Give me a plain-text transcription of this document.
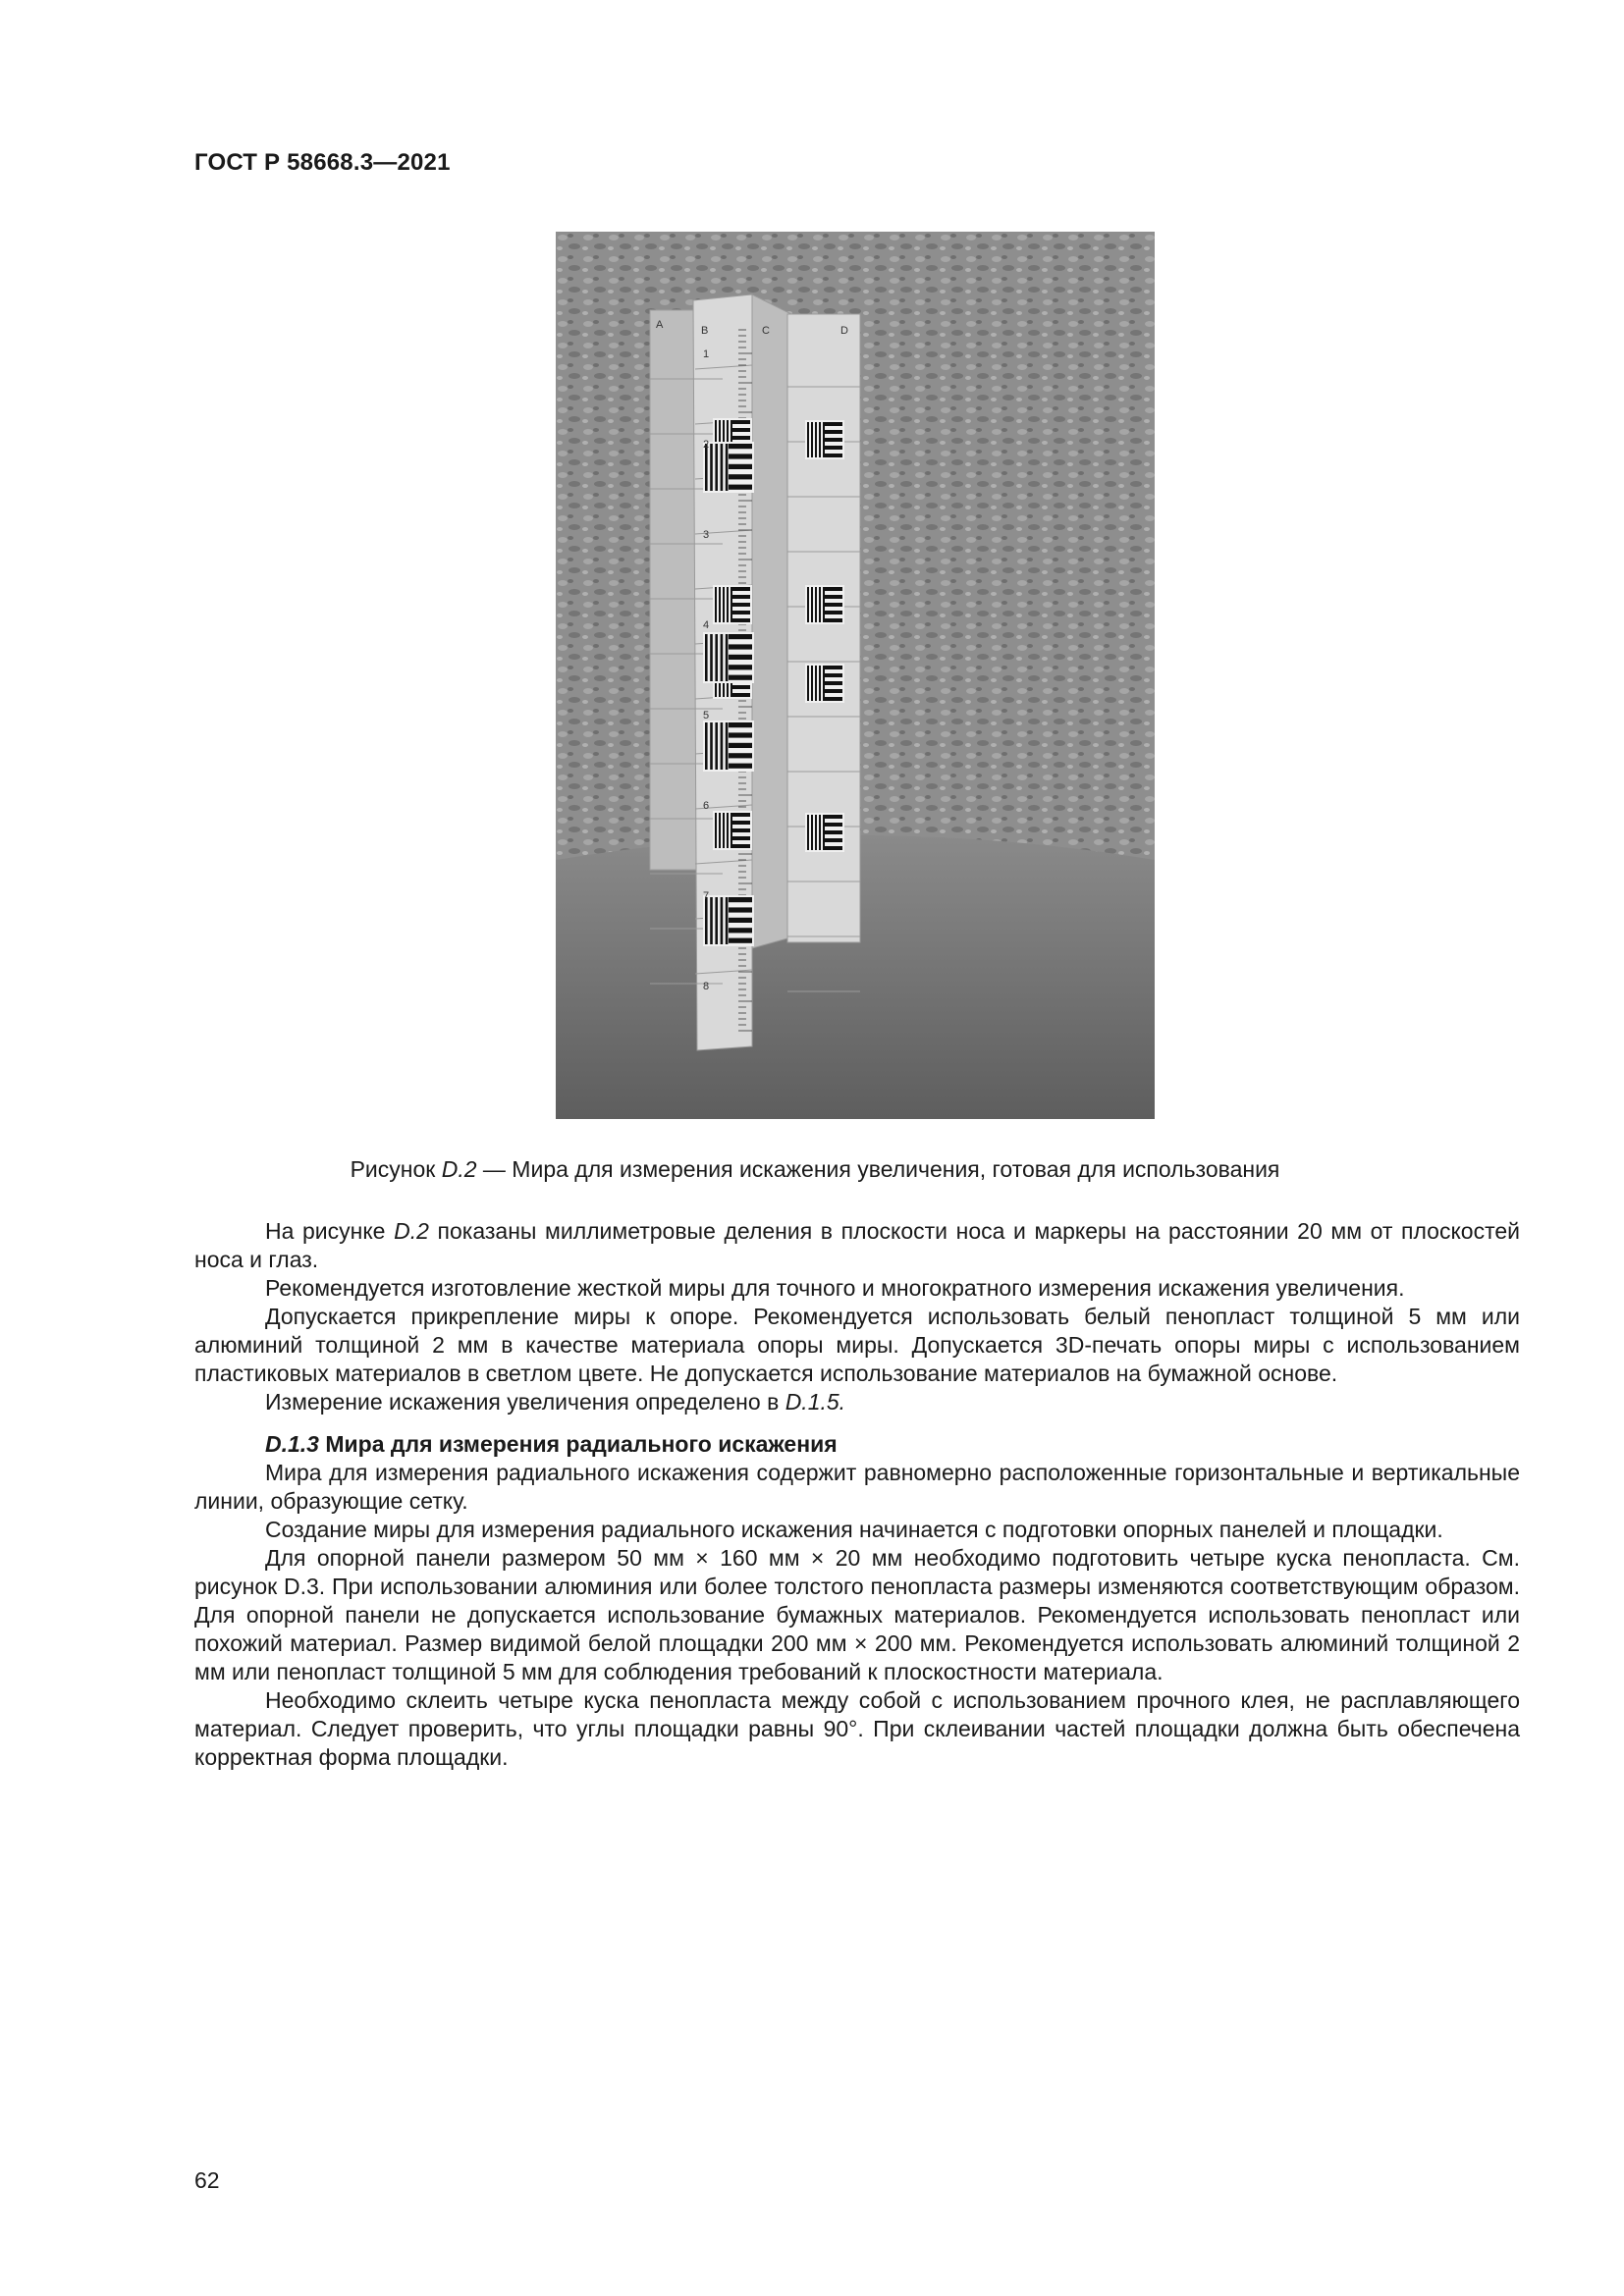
ГОСТ Р 58668.3—2021
A	B	C	D
1
2
3
4
5
6
7
8
Рисунок D.2 — Мира для измерения искажения увеличения, готовая для использования

На рисунке D.2 показаны миллиметровые деления в плоскости носа и маркеры на расстоянии 20 мм от плоскостей носа и глаз.

Рекомендуется изготовление жесткой миры для точного и многократного измерения искажения увеличения.

Допускается прикрепление миры к опоре. Рекомендуется использовать белый пенопласт толщиной 5 мм или алюминий толщиной 2 мм в качестве материала опоры миры. Допускается 3D-печать опоры миры с использованием пластиковых материалов в светлом цвете. Не допускается использование материалов на бумажной основе.

Измерение искажения увеличения определено в D.1.5.

D.1.3 Мира для измерения радиального искажения

Мира для измерения радиального искажения содержит равномерно расположенные горизонтальные и вертикальные линии, образующие сетку.

Создание миры для измерения радиального искажения начинается с подготовки опорных панелей и площадки.

Для опорной панели размером 50 мм × 160 мм × 20 мм необходимо подготовить четыре куска пенопласта. См. рисунок D.3. При использовании алюминия или более толстого пенопласта размеры изменяются соответствующим образом. Для опорной панели не допускается использование бумажных материалов. Рекомендуется использовать пенопласт или похожий материал. Размер видимой белой площадки 200 мм × 200 мм. Рекомендуется использовать алюминий толщиной 2 мм или пенопласт толщиной 5 мм для соблюдения требований к плоскостности материала.

Необходимо склеить четыре куска пенопласта между собой с использованием прочного клея, не расплавляющего материал. Следует проверить, что углы площадки равны 90°. При склеивании частей площадки должна быть обеспечена корректная форма площадки.

62
